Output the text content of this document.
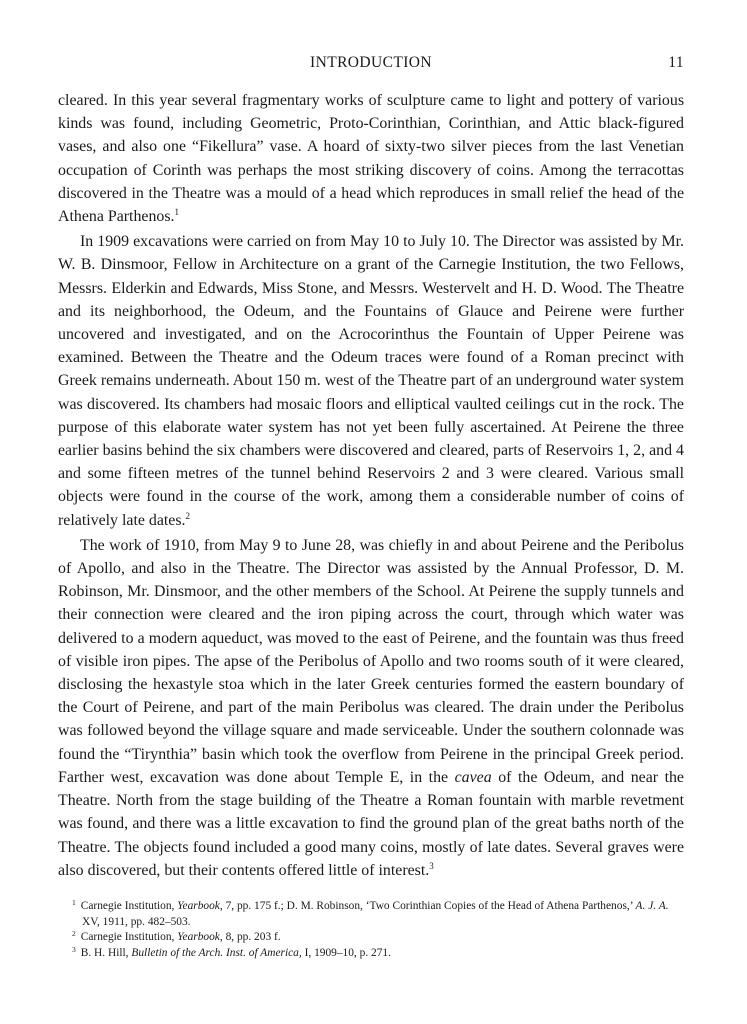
INTRODUCTION	11

cleared. In this year several fragmentary works of sculpture came to light and pottery of various kinds was found, including Geometric, Proto-Corinthian, Corinthian, and Attic black-figured vases, and also one “Fikellura” vase. A hoard of sixty-two silver pieces from the last Venetian occupation of Corinth was perhaps the most striking discovery of coins. Among the terracottas discovered in the Theatre was a mould of a head which reproduces in small relief the head of the Athena Parthenos.$^1$

In 1909 excavations were carried on from May 10 to July 10. The Director was assisted by Mr. W. B. Dinsmoor, Fellow in Architecture on a grant of the Carnegie Institution, the two Fellows, Messrs. Elderkin and Edwards, Miss Stone, and Messrs. Westervelt and H. D. Wood. The Theatre and its neighborhood, the Odeum, and the Fountains of Glauce and Peirene were further uncovered and investigated, and on the Acrocorinthus the Fountain of Upper Peirene was examined. Between the Theatre and the Odeum traces were found of a Roman precinct with Greek remains underneath. About 150 m. west of the Theatre part of an underground water system was discovered. Its chambers had mosaic floors and elliptical vaulted ceilings cut in the rock. The purpose of this elaborate water system has not yet been fully ascertained. At Peirene the three earlier basins behind the six chambers were discovered and cleared, parts of Reservoirs 1, 2, and 4 and some fifteen metres of the tunnel behind Reservoirs 2 and 3 were cleared. Various small objects were found in the course of the work, among them a considerable number of coins of relatively late dates.$^2$

The work of 1910, from May 9 to June 28, was chiefly in and about Peirene and the Peribolus of Apollo, and also in the Theatre. The Director was assisted by the Annual Professor, D. M. Robinson, Mr. Dinsmoor, and the other members of the School. At Peirene the supply tunnels and their connection were cleared and the iron piping across the court, through which water was delivered to a modern aqueduct, was moved to the east of Peirene, and the fountain was thus freed of visible iron pipes. The apse of the Peribolus of Apollo and two rooms south of it were cleared, disclosing the hexastyle stoa which in the later Greek centuries formed the eastern boundary of the Court of Peirene, and part of the main Peribolus was cleared. The drain under the Peribolus was followed beyond the village square and made serviceable. Under the southern colonnade was found the “Tirynthia” basin which took the overflow from Peirene in the principal Greek period. Farther west, excavation was done about Temple E, in the cavea of the Odeum, and near the Theatre. North from the stage building of the Theatre a Roman fountain with marble revetment was found, and there was a little excavation to find the ground plan of the great baths north of the Theatre. The objects found included a good many coins, mostly of late dates. Several graves were also discovered, but their contents offered little of interest.$^3$

$^1$ Carnegie Institution, Yearbook, 7, pp. 175 f.; D. M. Robinson, ‘Two Corinthian Copies of the Head of Athena Parthenos,’ A. J. A. XV, 1911, pp. 482–503.

$^2$ Carnegie Institution, Yearbook, 8, pp. 203 f.

$^3$ B. H. Hill, Bulletin of the Arch. Inst. of America, I, 1909–10, p. 271.
